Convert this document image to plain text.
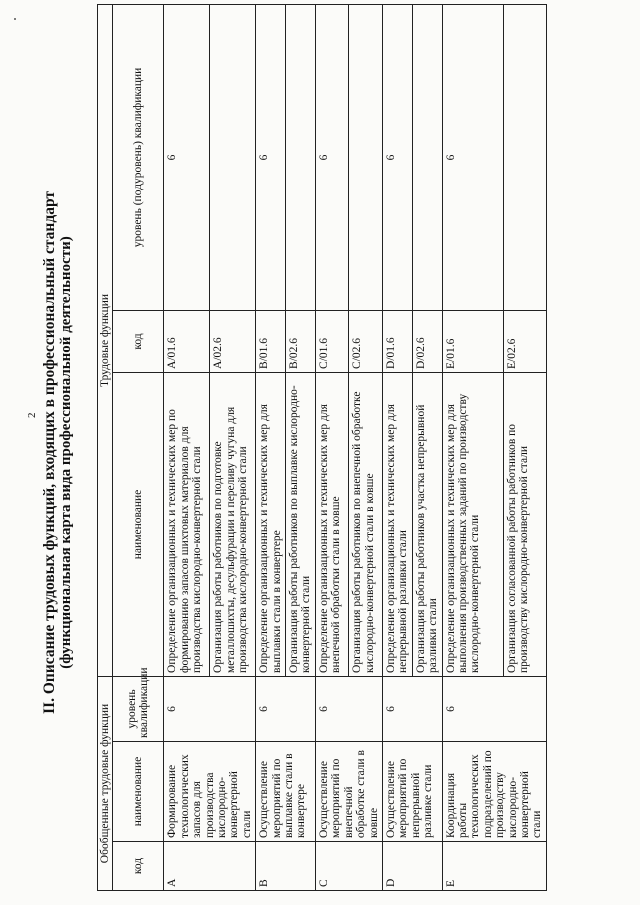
2 II. Описание трудовых функций, входящих в профессиональный стандарт (функциональная карта вида профессиональной деятельности)
Обобщенные трудовые функции			Трудовые функции		
код	наименование	уровень квалификации	наименование	код	уровень (подуровень) квалификации
A	Формирование технологических запасов для производства кислородно-конвертерной стали	6	Определение организационных и технических мер по формированию запасов шихтовых материалов для производства кислородно-конвертерной стали	A/01.6	6
			Организация работы работников по подготовке металлошихты, десульфурации и переливу чугуна для производства кислородно-конвертерной стали	A/02.6	
B	Осуществление мероприятий по выплавке стали в конвертере	6	Определение организационных и технических мер для выплавки стали в конвертере	B/01.6	6
			Организация работы работников по выплавке кислородно-конвертерной стали	B/02.6	
C	Осуществление мероприятий по внепечной обработке стали в ковше	6	Определение организационных и технических мер для внепечной обработки стали в ковше	C/01.6	6
			Организация работы работников по внепечной обработке кислородно-конвертерной стали в ковше	C/02.6	
D	Осуществление мероприятий по непрерывной разливке стали	6	Определение организационных и технических мер для непрерывной разливки стали	D/01.6	6
			Организация работы работников участка непрерывной разливки стали	D/02.6	
E	Координация работы технологических подразделений по производству кислородно-конвертерной стали	6	Определение организационных и технических мер для выполнения производственных заданий по производству кислородно-конвертерной стали	E/01.6	6
			Организация согласованной работы работников по производству кислородно-конвертерной стали	E/02.6	
